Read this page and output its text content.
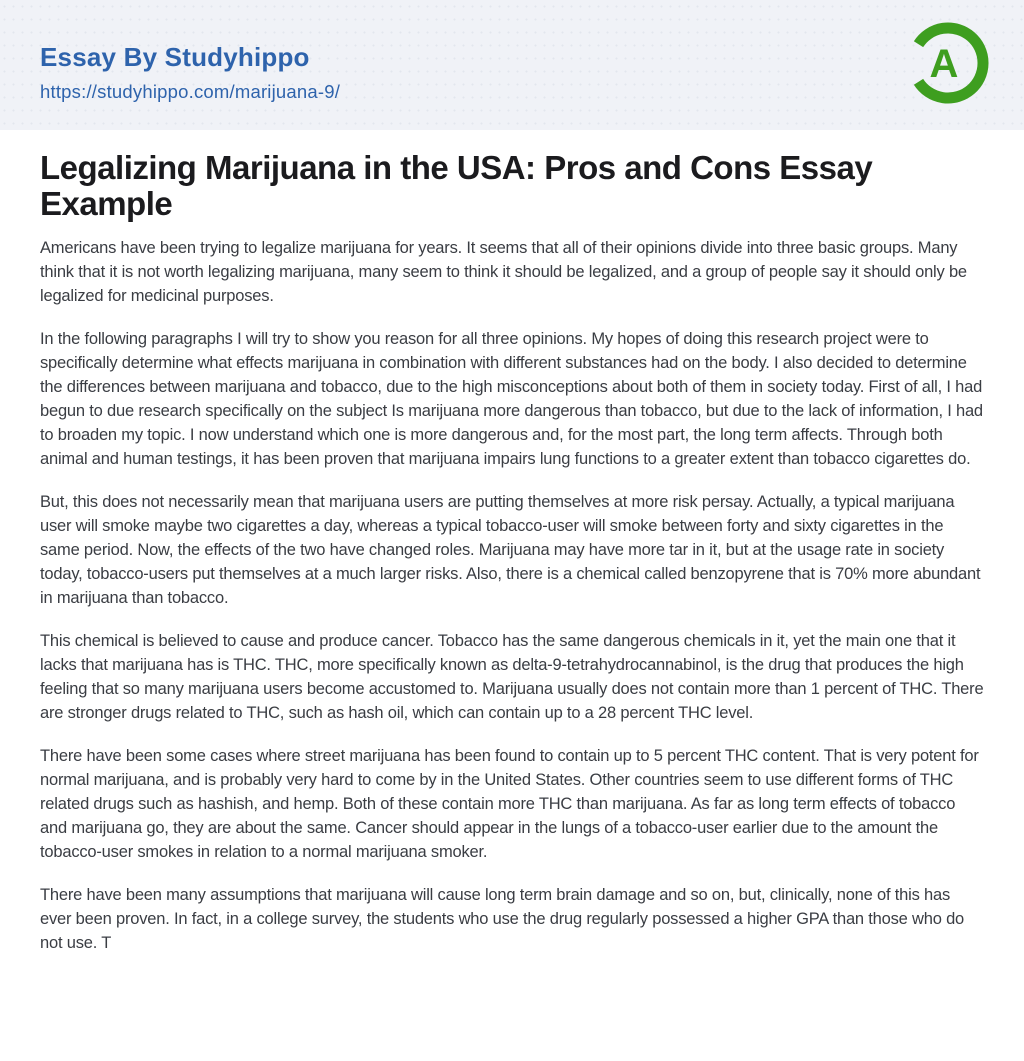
Essay By Studyhippo
https://studyhippo.com/marijuana-9/
A
Legalizing Marijuana in the USA: Pros and Cons Essay Example

Americans have been trying to legalize marijuana for years. It seems that all of their opinions divide into three basic groups. Many think that it is not worth legalizing marijuana, many seem to think it should be legalized, and a group of people say it should only be legalized for medicinal purposes.

In the following paragraphs I will try to show you reason for all three opinions. My hopes of doing this research project were to specifically determine what effects marijuana in combination with different substances had on the body. I also decided to determine the differences between marijuana and tobacco, due to the high misconceptions about both of them in society today. First of all, I had begun to due research specifically on the subject Is marijuana more dangerous than tobacco, but due to the lack of information, I had to broaden my topic. I now understand which one is more dangerous and, for the most part, the long term affects. Through both animal and human testings, it has been proven that marijuana impairs lung functions to a greater extent than tobacco cigarettes do.

But, this does not necessarily mean that marijuana users are putting themselves at more risk persay. Actually, a typical marijuana user will smoke maybe two cigarettes a day, whereas a typical tobacco-user will smoke between forty and sixty cigarettes in the same period. Now, the effects of the two have changed roles. Marijuana may have more tar in it, but at the usage rate in society today, tobacco-users put themselves at a much larger risks. Also, there is a chemical called benzopyrene that is 70% more abundant in marijuana than tobacco.

This chemical is believed to cause and produce cancer. Tobacco has the same dangerous chemicals in it, yet the main one that it lacks that marijuana has is THC. THC, more specifically known as delta-9-tetrahydrocannabinol, is the drug that produces the high feeling that so many marijuana users become accustomed to. Marijuana usually does not contain more than 1 percent of THC. There are stronger drugs related to THC, such as hash oil, which can contain up to a 28 percent THC level.

There have been some cases where street marijuana has been found to contain up to 5 percent THC content. That is very potent for normal marijuana, and is probably very hard to come by in the United States. Other countries seem to use different forms of THC related drugs such as hashish, and hemp. Both of these contain more THC than marijuana. As far as long term effects of tobacco and marijuana go, they are about the same. Cancer should appear in the lungs of a tobacco-user earlier due to the amount the tobacco-user smokes in relation to a normal marijuana smoker.

There have been many assumptions that marijuana will cause long term brain damage and so on, but, clinically, none of this has ever been proven. In fact, in a college survey, the students who use the drug regularly possessed a higher GPA than those who do not use. T
